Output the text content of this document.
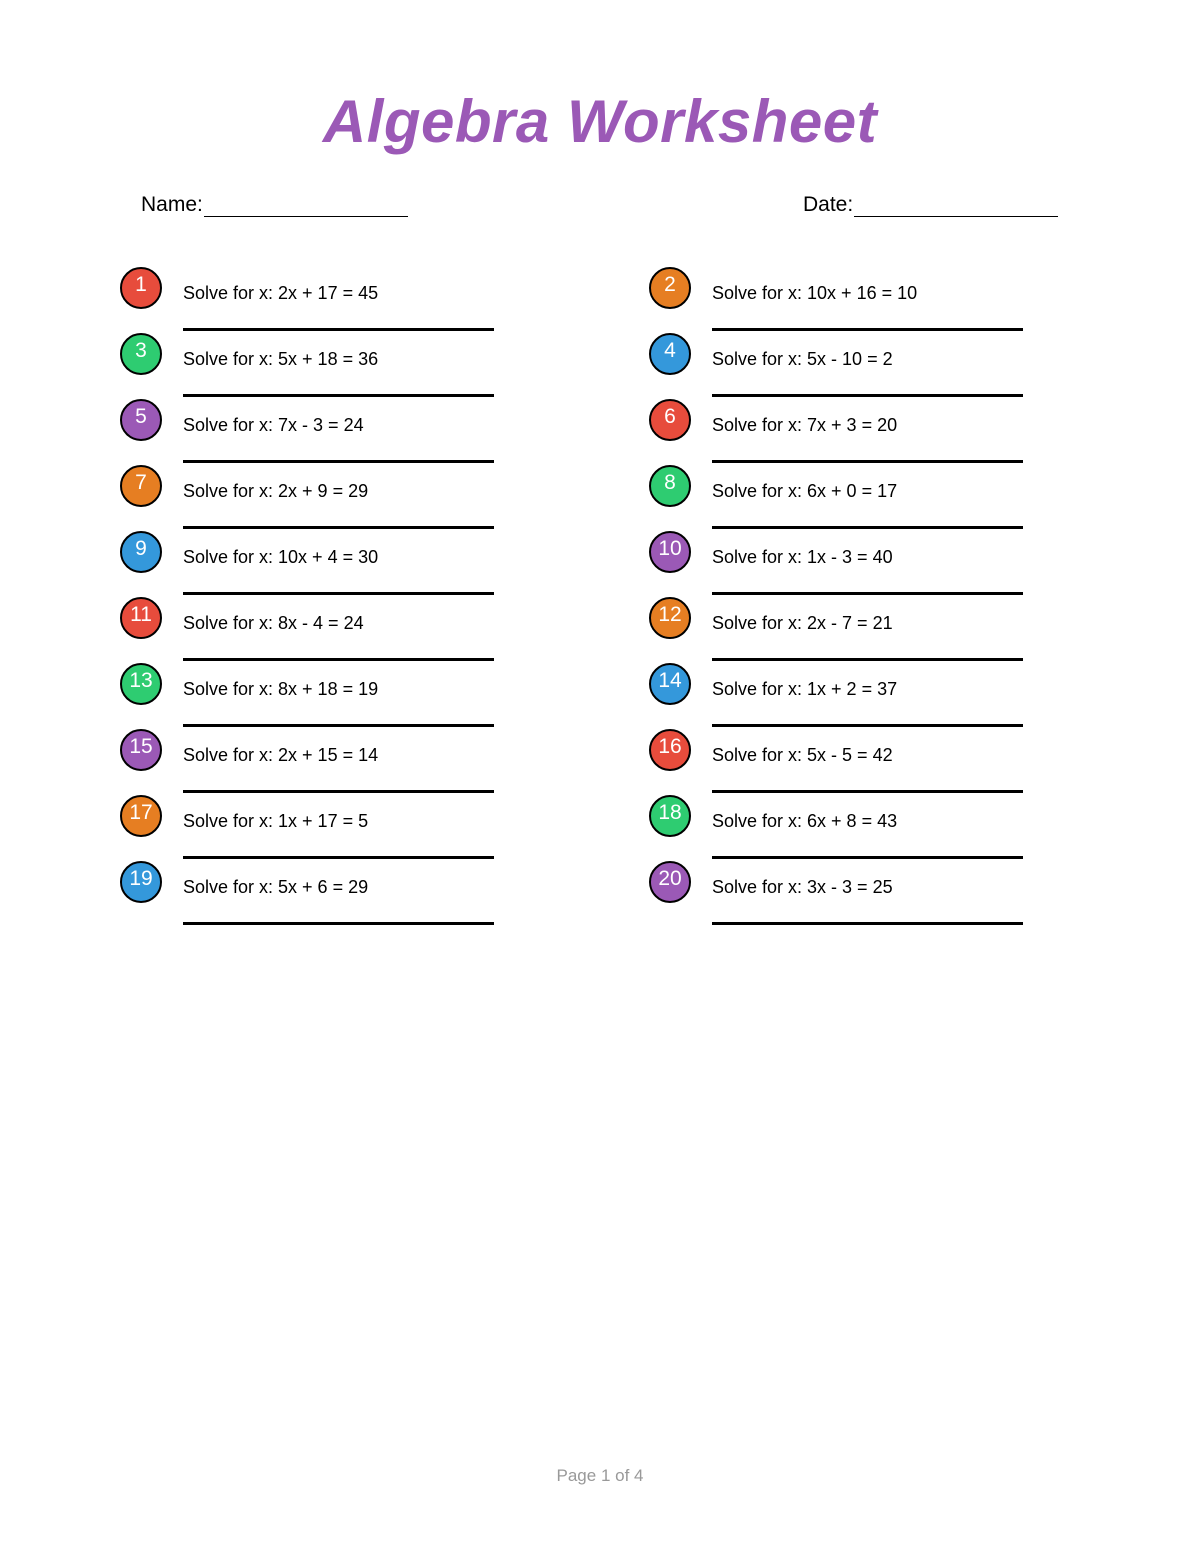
Algebra Worksheet
Name:	Date:
1 Solve for x: 2x + 17 = 45	2 Solve for x: 10x + 16 = 10
3 Solve for x: 5x + 18 = 36	4 Solve for x: 5x - 10 = 2
5 Solve for x: 7x - 3 = 24	6 Solve for x: 7x + 3 = 20
7 Solve for x: 2x + 9 = 29	8 Solve for x: 6x + 0 = 17
9 Solve for x: 10x + 4 = 30	10 Solve for x: 1x - 3 = 40
11 Solve for x: 8x - 4 = 24	12 Solve for x: 2x - 7 = 21
13 Solve for x: 8x + 18 = 19	14 Solve for x: 1x + 2 = 37
15 Solve for x: 2x + 15 = 14	16 Solve for x: 5x - 5 = 42
17 Solve for x: 1x + 17 = 5	18 Solve for x: 6x + 8 = 43
19 Solve for x: 5x + 6 = 29	20 Solve for x: 3x - 3 = 25
Page 1 of 4
